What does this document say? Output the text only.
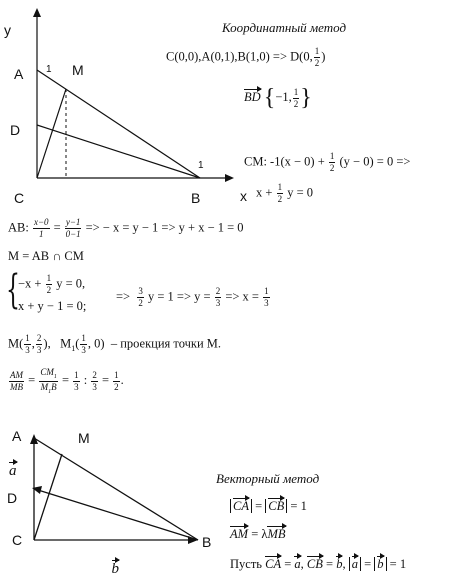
y
A 1 M
D
1
C	B	x
Координатный метод
C(0,0),A(0,1),B(1,0) => D(0, $\frac{1}{2}$ )
BD {−1, $\frac{1}{2}$ }
CM: $-1(x - 0) + \frac{1}{2} (y - 0) = 0$ =>
$x + \frac{1}{2}$ y = 0
AB: $\frac{x-0}{1} = \frac{y-1}{0-1}$ => − x = y − 1 => y + x − 1 = 0
M = AB ∩ CM
{
$-x + \frac{1}{2}$ y = 0,
x + y − 1 = 0;
=> $\frac{3}{2}$ $y = 1 => y = \frac{2}{3} => x = \frac{1}{3}$
$M( \frac{1}{3}$ , $\frac{2}{3}$ ),   $M_1( \frac{1}{3}$ , 0)  – проекция точки M.
$\frac{AM}{MB} = \frac{CM_1}{M_1B} = \frac{1}{3}$ : $\frac{2}{3} = \frac{1}{2}$ .
A	M
a
D
C	B
b
Векторный метод
CA = CB = 1
AM = λMB
Пусть CA = a, CB = b, a = b = 1
